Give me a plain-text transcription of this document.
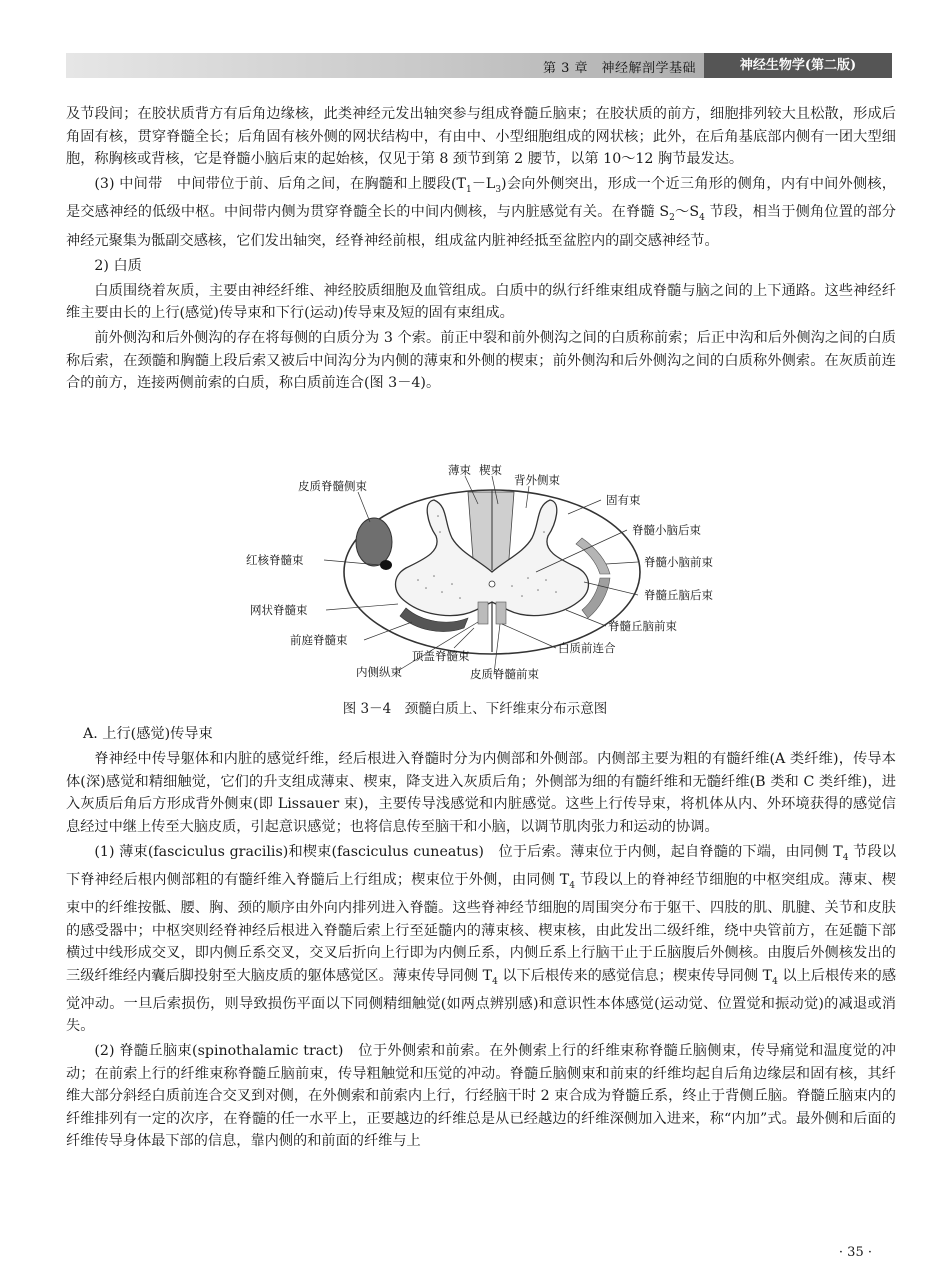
第 3 章　神经解剖学基础	神经生物学(第二版)

及节段间；在胶状质背方有后角边缘核，此类神经元发出轴突参与组成脊髓丘脑束；在胶状质的前方，细胞排列较大且松散，形成后角固有核，贯穿脊髓全长；后角固有核外侧的网状结构中，有由中、小型细胞组成的网状核；此外，在后角基底部内侧有一团大型细胞，称胸核或背核，它是脊髓小脑后束的起始核，仅见于第 8 颈节到第 2 腰节，以第 10～12 胸节最发达。

(3) 中间带　中间带位于前、后角之间，在胸髓和上腰段$(T_1-L_3)$会向外侧突出，形成一个近三角形的侧角，内有中间外侧核，是交感神经的低级中枢。中间带内侧为贯穿脊髓全长的中间内侧核，与内脏感觉有关。在脊髓 $S_2\sim S_4$ 节段，相当于侧角位置的部分神经元聚集为骶副交感核，它们发出轴突，经脊神经前根，组成盆内脏神经抵至盆腔内的副交感神经节。

2) 白质

白质围绕着灰质，主要由神经纤维、神经胶质细胞及血管组成。白质中的纵行纤维束组成脊髓与脑之间的上下通路。这些神经纤维主要由长的上行(感觉)传导束和下行(运动)传导束及短的固有束组成。

前外侧沟和后外侧沟的存在将每侧的白质分为 3 个索。前正中裂和前外侧沟之间的白质称前索；后正中沟和后外侧沟之间的白质称后索，在颈髓和胸髓上段后索又被后中间沟分为内侧的薄束和外侧的楔束；前外侧沟和后外侧沟之间的白质称外侧索。在灰质前连合的前方，连接两侧前索的白质，称白质前连合(图 3－4)。

薄束 楔束
背外侧束
皮质脊髓侧束
固有束
脊髓小脑后束
红核脊髓束	脊髓小脑前束
脊髓丘脑后束
网状脊髓束
脊髓丘脑前束
前庭脊髓束
白质前连合
顶盖脊髓束
内侧纵束	皮质脊髓前束
图 3－4　颈髓白质上、下纤维束分布示意图

A. 上行(感觉)传导束

脊神经中传导躯体和内脏的感觉纤维，经后根进入脊髓时分为内侧部和外侧部。内侧部主要为粗的有髓纤维(A 类纤维)，传导本体(深)感觉和精细触觉，它们的升支组成薄束、楔束，降支进入灰质后角；外侧部为细的有髓纤维和无髓纤维(B 类和 C 类纤维)，进入灰质后角后方形成背外侧束(即 Lissauer 束)，主要传导浅感觉和内脏感觉。这些上行传导束，将机体从内、外环境获得的感觉信息经过中继上传至大脑皮质，引起意识感觉；也将信息传至脑干和小脑，以调节肌肉张力和运动的协调。

(1) 薄束(fasciculus gracilis)和楔束(fasciculus cuneatus)　位于后索。薄束位于内侧，起自脊髓的下端，由同侧 $T_4$ 节段以下脊神经后根内侧部粗的有髓纤维入脊髓后上行组成；楔束位于外侧，由同侧 $T_4$ 节段以上的脊神经节细胞的中枢突组成。薄束、楔束中的纤维按骶、腰、胸、颈的顺序由外向内排列进入脊髓。这些脊神经节细胞的周围突分布于躯干、四肢的肌、肌腱、关节和皮肤的感受器中；中枢突则经脊神经后根进入脊髓后索上行至延髓内的薄束核、楔束核，由此发出二级纤维，绕中央管前方，在延髓下部横过中线形成交叉，即内侧丘系交叉，交叉后折向上行即为内侧丘系，内侧丘系上行脑干止于丘脑腹后外侧核。由腹后外侧核发出的三级纤维经内囊后脚投射至大脑皮质的躯体感觉区。薄束传导同侧 $T_4$ 以下后根传来的感觉信息；楔束传导同侧 $T_4$ 以上后根传来的感觉冲动。一旦后索损伤，则导致损伤平面以下同侧精细触觉(如两点辨别感)和意识性本体感觉(运动觉、位置觉和振动觉)的减退或消失。

(2) 脊髓丘脑束(spinothalamic tract)　位于外侧索和前索。在外侧索上行的纤维束称脊髓丘脑侧束，传导痛觉和温度觉的冲动；在前索上行的纤维束称脊髓丘脑前束，传导粗触觉和压觉的冲动。脊髓丘脑侧束和前束的纤维均起自后角边缘层和固有核，其纤维大部分斜经白质前连合交叉到对侧，在外侧索和前索内上行，行经脑干时 2 束合成为脊髓丘系，终止于背侧丘脑。脊髓丘脑束内的纤维排列有一定的次序，在脊髓的任一水平上，正要越边的纤维总是从已经越边的纤维深侧加入进来，称“内加”式。最外侧和后面的纤维传导身体最下部的信息，靠内侧的和前面的纤维与上

· 35 ·
